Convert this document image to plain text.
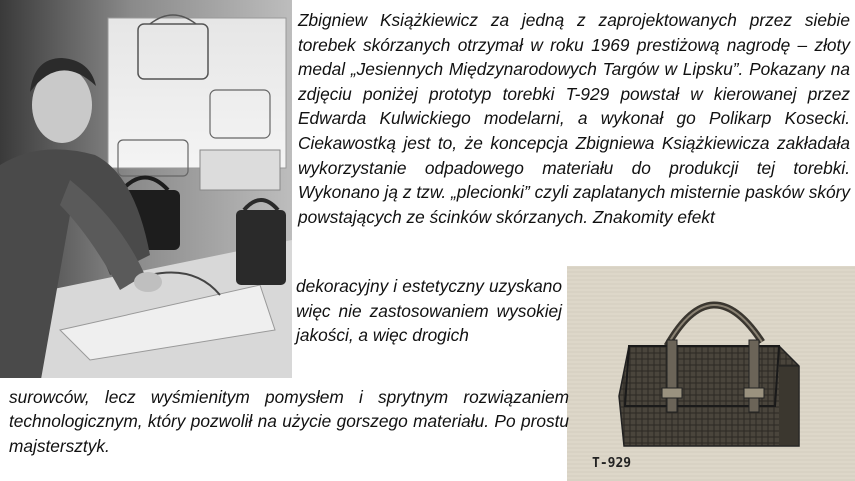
Zbigniew Książkiewicz za jedną z zaprojektowanych przez siebie torebek skórzanych otrzymał w roku 1969 prestiżową nagrodę – złoty medal „Jesiennych Międzynarodowych Targów w Lipsku”. Pokazany na zdjęciu poniżej prototyp torebki T-929 powstał w kierowanej przez Edwarda Kulwickiego modelarni, a wykonał go Polikarp Kosecki. Ciekawostką jest to, że koncepcja Zbigniewa Książkiewicza zakładała wykorzystanie odpadowego materiału do produkcji tej torebki. Wykonano ją z tzw. „plecionki” czyli zaplatanych misternie pasków skóry powstających ze ścinków skórzanych. Znakomity efekt

dekoracyjny i estetyczny uzyskano więc nie zastosowaniem wysokiej jakości, a więc drogich

T-929

surowców, lecz wyśmienitym pomysłem i sprytnym rozwiązaniem technologicznym, który pozwolił na użycie gorszego materiału. Po prostu majstersztyk.
